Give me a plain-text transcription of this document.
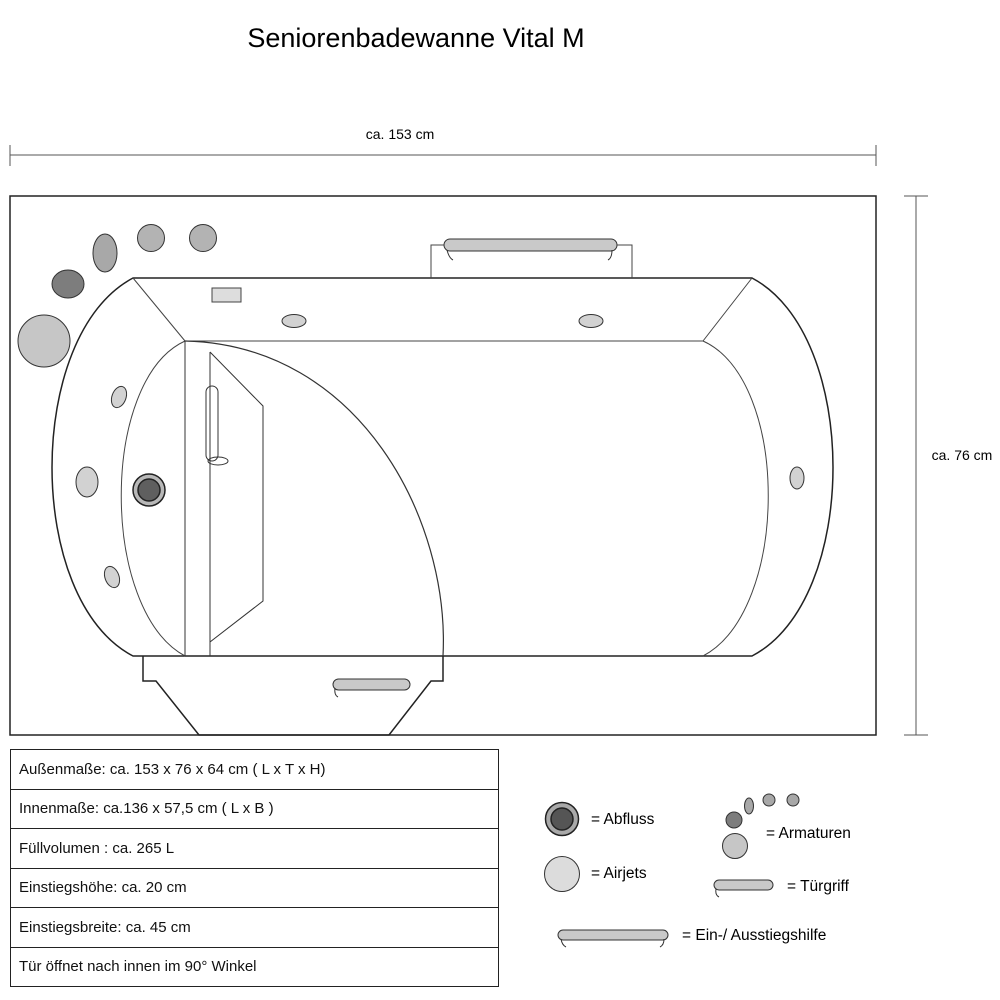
Seniorenbadewanne Vital M
ca. 153 cm
ca. 76 cm
= Abfluss
= Airjets
= Armaturen
= Türgriff
= Ein-/ Ausstiegshilfe
Außenmaße: ca. 153 x 76 x 64 cm ( L x T x H)
Innenmaße: ca.136 x 57,5 cm ( L x B )
Füllvolumen : ca. 265 L
Einstiegshöhe: ca. 20 cm
Einstiegsbreite: ca. 45 cm
Tür öffnet nach innen im 90° Winkel
